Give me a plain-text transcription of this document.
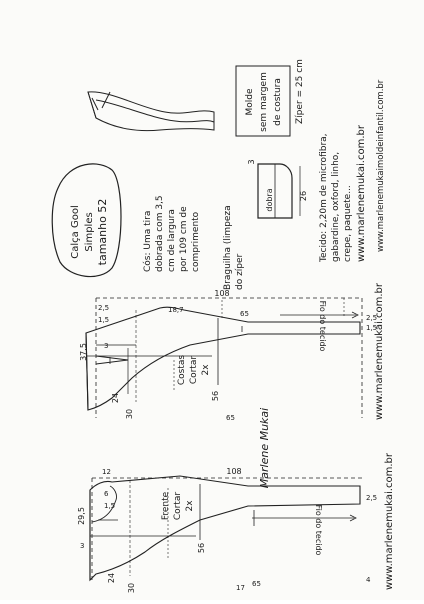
Calça Gool Simples tamanho 52	Cós: Uma tira dobrada com 3,5 cm de largura por 109 cm de comprimento Braguilha (limpeza do zíper
26
3
dobra
Molde sem margem de costura Zíper = 25 cm
Tecido: 2,20m de microfibra, gabardine, oxford, linho, crepe, paquete... www.marlenemukai.com.br www.marlenemukaimoldeinfantil.com.br
www.marlenemukai.com.br
www.marlenemukai.com.br
Marlene Mukai
Costas Cortar 2x
Fio do tecido
108
37,5
56
24
30
3
1,5
2,5	18,7	65
65
1,5
2,5
Frente Cortar 2x	Fio do tecido
108
29,5
56
24
30
3
12
6
1,5
2,5
65
17
4
